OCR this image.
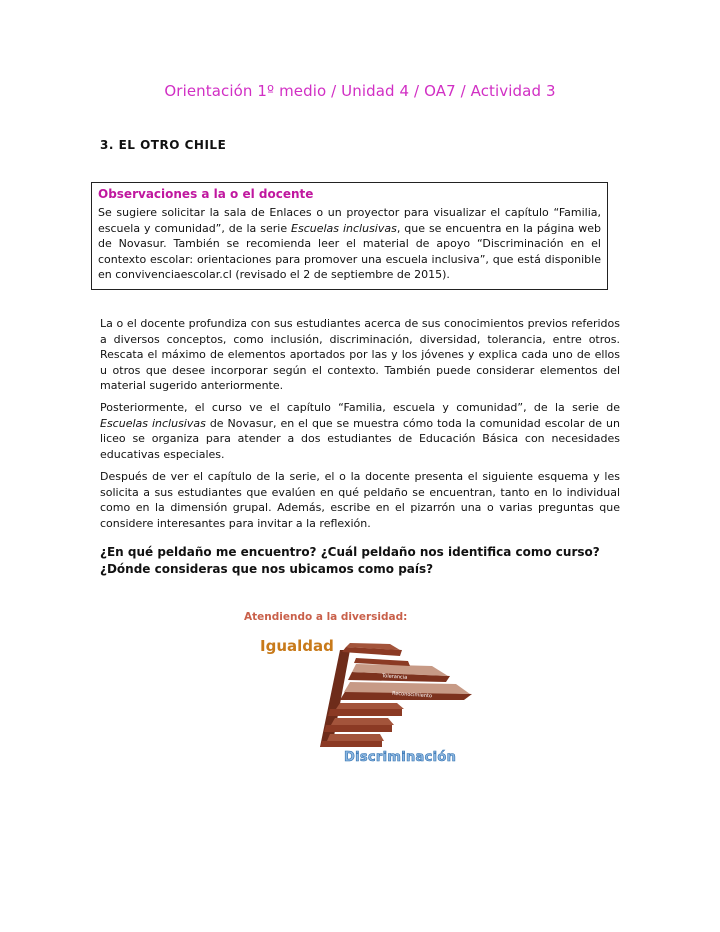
Orientación 1º medio / Unidad 4 / OA7 / Actividad 3
3. EL OTRO CHILE
Observaciones a la o el docente

Se sugiere solicitar la sala de Enlaces o un proyector para visualizar el capítulo “Familia, escuela y comunidad”, de la serie Escuelas inclusivas, que se encuentra en la página web de Novasur. También se recomienda leer el material de apoyo “Discriminación en el contexto escolar: orientaciones para promover una escuela inclusiva”, que está disponible en convivenciaescolar.cl (revisado el 2 de septiembre de 2015).

La o el docente profundiza con sus estudiantes acerca de sus conocimientos previos referidos a diversos conceptos, como inclusión, discriminación, diversidad, tolerancia, entre otros. Rescata el máximo de elementos aportados por las y los jóvenes y explica cada uno de ellos u otros que desee incorporar según el contexto. También puede considerar elementos del material sugerido anteriormente.

Posteriormente, el curso ve el capítulo “Familia, escuela y comunidad”, de la serie de Escuelas inclusivas de Novasur, en el que se muestra cómo toda la comunidad escolar de un liceo se organiza para atender a dos estudiantes de Educación Básica con necesidades educativas especiales.

Después de ver el capítulo de la serie, el o la docente presenta el siguiente esquema y les solicita a sus estudiantes que evalúen en qué peldaño se encuentran, tanto en lo individual como en la dimensión grupal. Además, escribe en el pizarrón una o varias preguntas que considere interesantes para invitar a la reflexión.

¿En qué peldaño me encuentro? ¿Cuál peldaño nos identifica como curso?
¿Dónde consideras que nos ubicamos como país?
Atendiendo a la diversidad:
Igualdad
Tolerancia
Reconocimiento
Discriminación
